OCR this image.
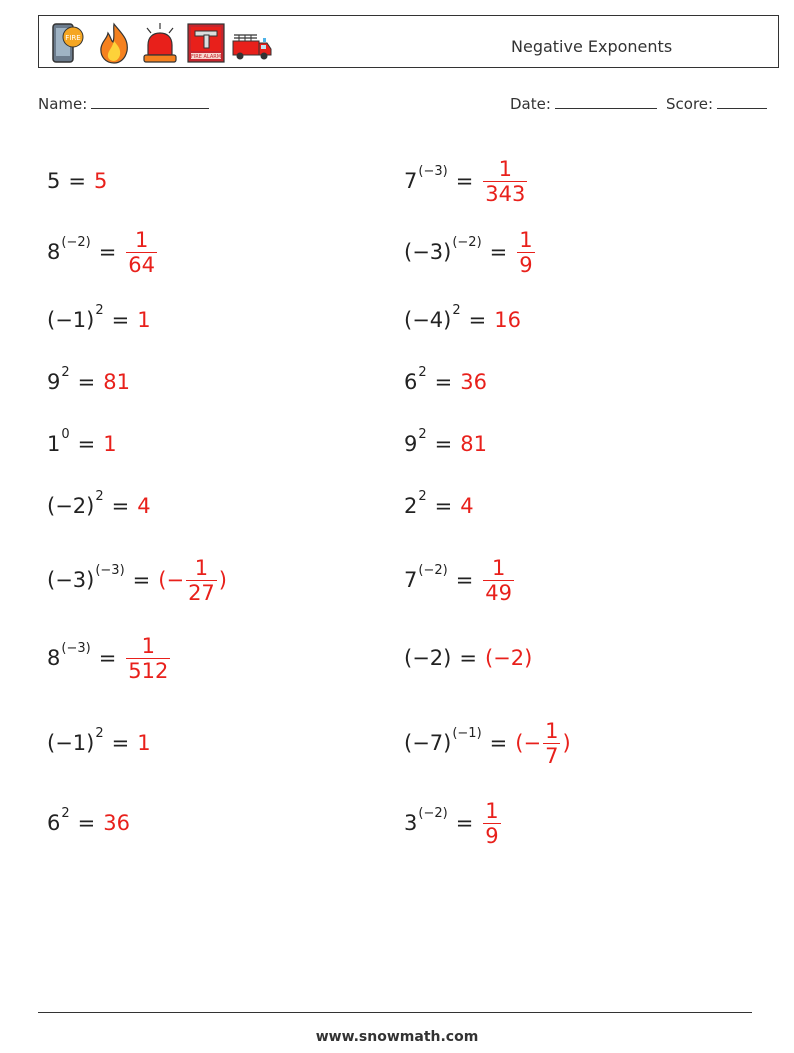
FIRE
FIRE ALARM
Negative Exponents
Name:	Date:	Score:
5 = 5	$7^{(-3)} = \frac{1}{343}$
$8^{(-2)} = \frac{1}{64}$	$(-3)^{(-2)} = \frac{1}{9}$
$(-1)^2 = 1$	$(-4)^2 = 16$
$9^2 = 81$	$6^2 = 36$
$1^0 = 1$	$9^2 = 81$
$(-2)^2 = 4$	$2^2 = 4$
$(-3)^{(-3)}$ = (− $\frac{1}{27}$ )	$7^{(-2)} = \frac{1}{49}$
$8^{(-3)} = \frac{1}{512}$	(−2) = (−2)
$(-1)^2 = 1$	$(-7)^{(-1)}$ = (− $\frac{1}{7}$ )
$6^2 = 36$	$3^{(-2)} = \frac{1}{9}$
www.snowmath.com
